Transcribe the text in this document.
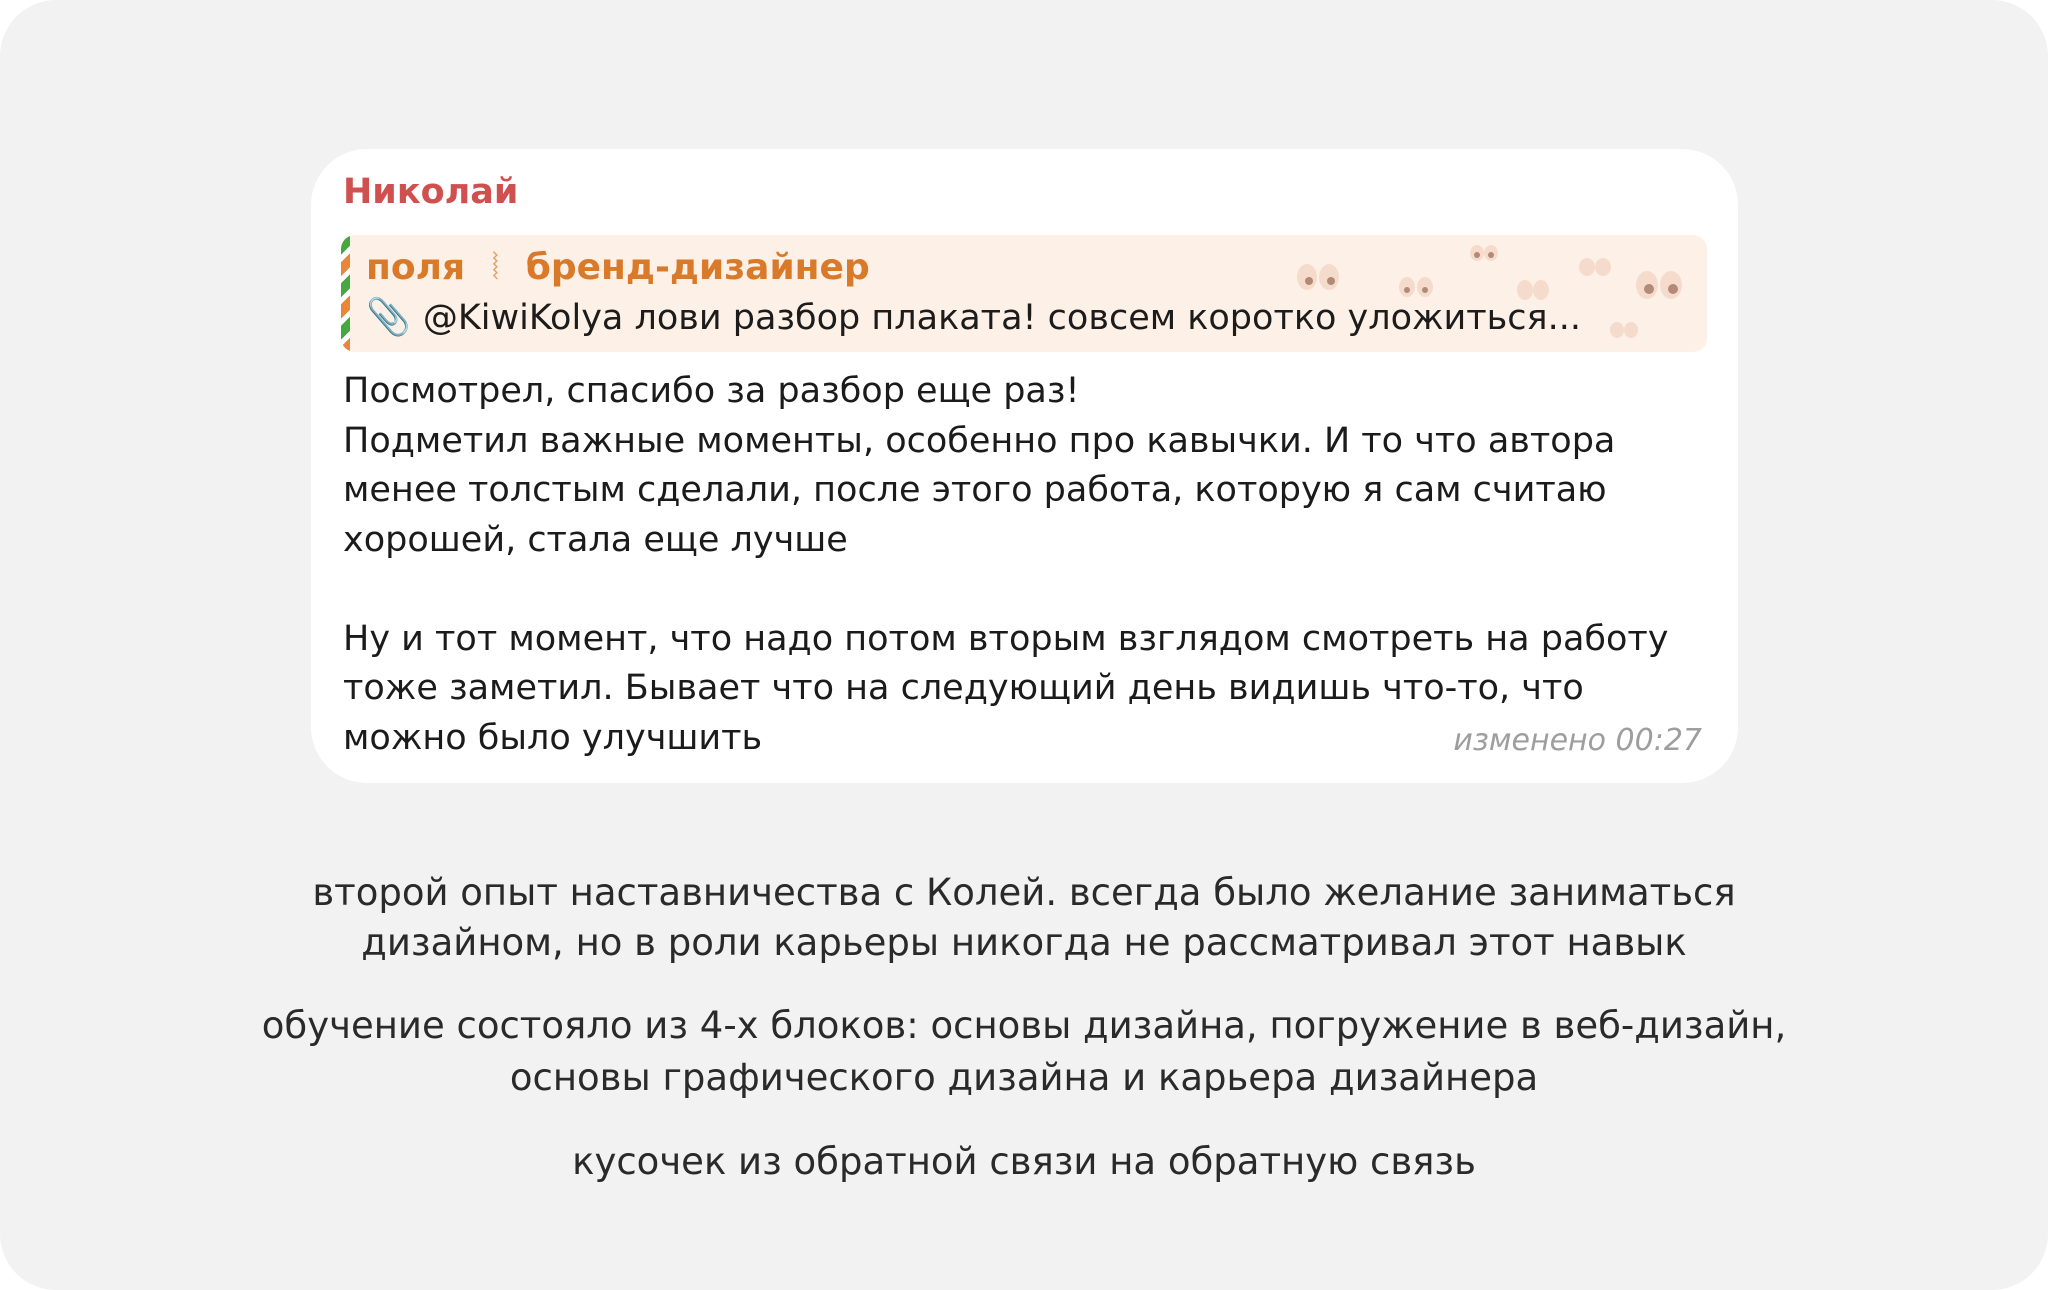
Николай
поля ⦚ бренд-дизайнер
📎 @KiwiKolya лови разбор плаката! совсем коротко уложиться...
Посмотрел, спасибо за разбор еще раз!
Подметил важные моменты, особенно про кавычки. И то что автора менее толстым сделали, после этого работа, которую я сам считаю хорошей, стала еще лучше

Ну и тот момент, что надо потом вторым взглядом смотреть на работу тоже заметил. Бывает что на следующий день видишь что-то, что можно было улучшить	изменено 00:27
второй опыт наставничества с Колей. всегда было желание заниматься
дизайном, но в роли карьеры никогда не рассматривал этот навык
обучение состояло из 4-х блоков: основы дизайна, погружение в веб-дизайн,
основы графического дизайна и карьера дизайнера
кусочек из обратной связи на обратную связь
